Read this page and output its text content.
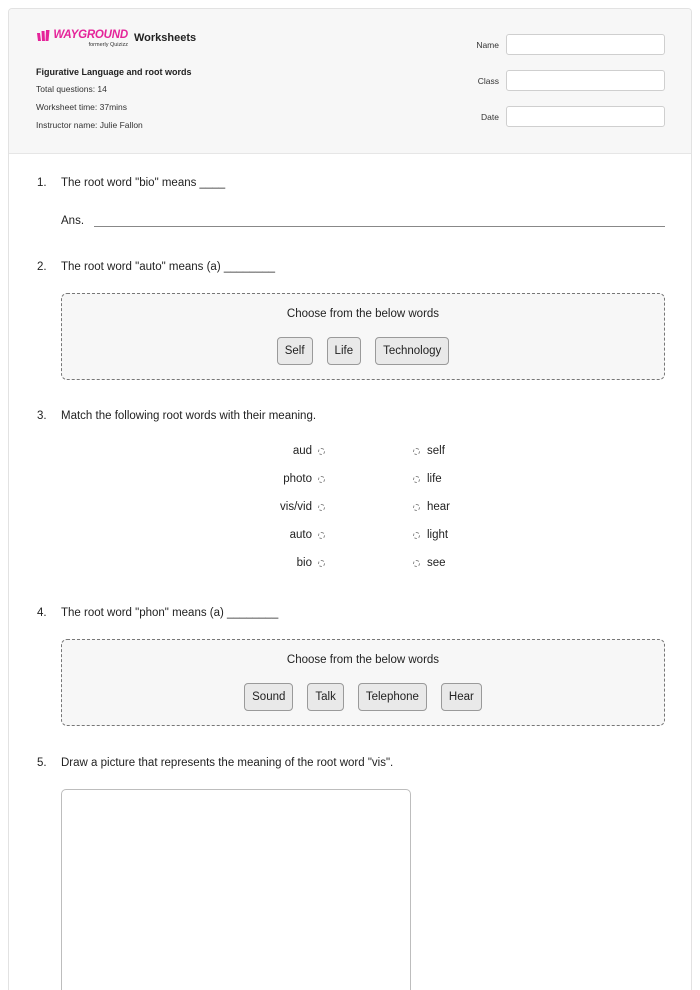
WAYGROUND
formerly Quizizz
Worksheets
Figurative Language and root words
Total questions: 14
Worksheet time: 37mins
Instructor name: Julie Fallon
Name
Class
Date
1. The root word "bio" means ____
Ans.
2. The root word "auto" means (a) ________
Choose from the below words
Self	Life	Technology
3. Match the following root words with their meaning.
aud	self
photo	life
vis/vid	hear
auto	light
bio	see
4. The root word "phon" means (a) ________
Choose from the below words
Sound	Talk	Telephone	Hear
5. Draw a picture that represents the meaning of the root word "vis".
